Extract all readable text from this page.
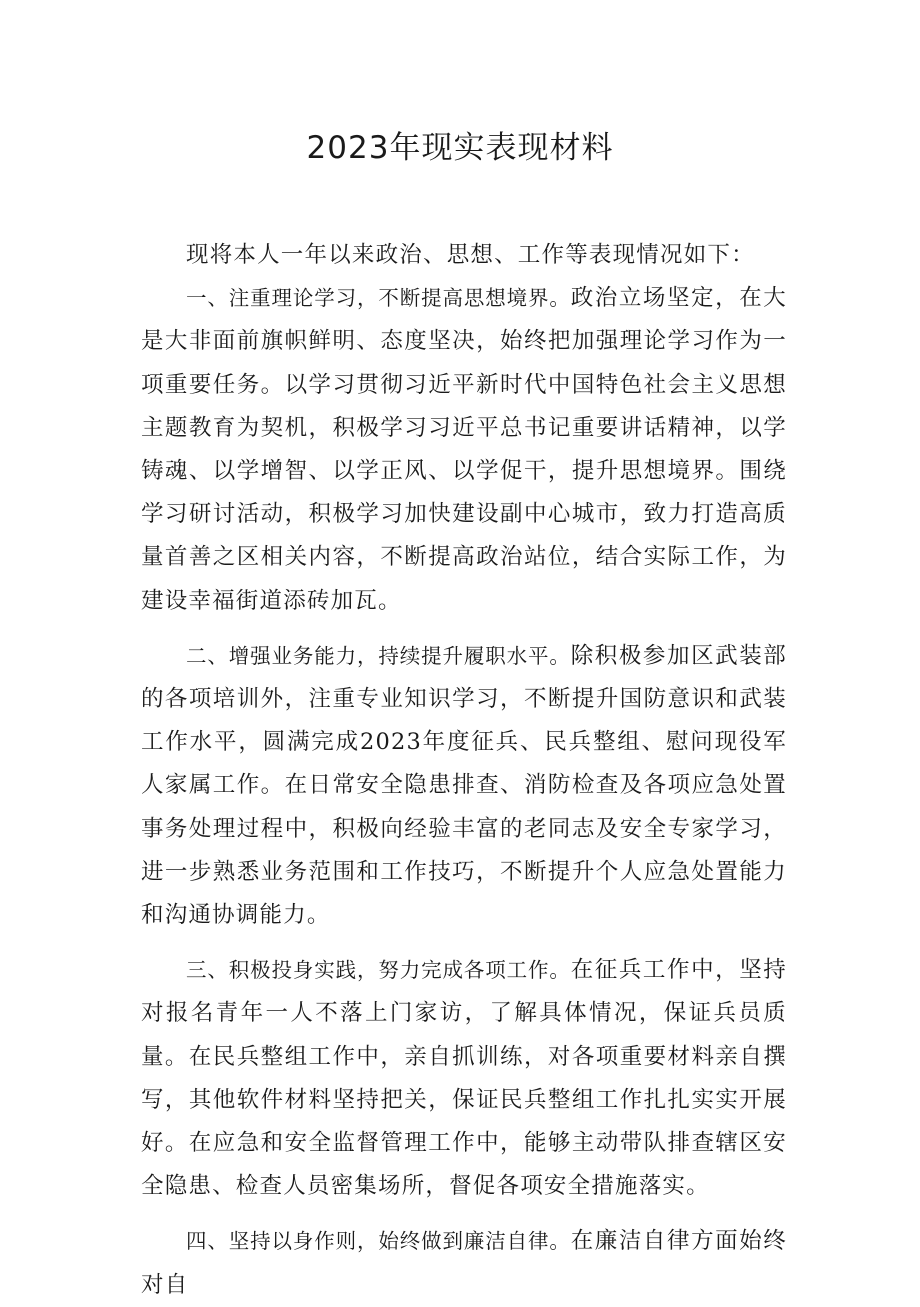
2023年现实表现材料

现将本人一年以来政治、思想、工作等表现情况如下：

一、注重理论学习，不断提高思想境界。政治立场坚定，在大是大非面前旗帜鲜明、态度坚决，始终把加强理论学习作为一项重要任务。以学习贯彻习近平新时代中国特色社会主义思想主题教育为契机，积极学习习近平总书记重要讲话精神，以学铸魂、以学增智、以学正风、以学促干，提升思想境界。围绕学习研讨活动，积极学习加快建设副中心城市，致力打造高质量首善之区相关内容，不断提高政治站位，结合实际工作，为建设幸福街道添砖加瓦。

二、增强业务能力，持续提升履职水平。除积极参加区武装部的各项培训外，注重专业知识学习，不断提升国防意识和武装工作水平，圆满完成2023年度征兵、民兵整组、慰问现役军人家属工作。在日常安全隐患排查、消防检查及各项应急处置事务处理过程中，积极向经验丰富的老同志及安全专家学习，进一步熟悉业务范围和工作技巧，不断提升个人应急处置能力和沟通协调能力。

三、积极投身实践，努力完成各项工作。在征兵工作中，坚持对报名青年一人不落上门家访，了解具体情况，保证兵员质量。在民兵整组工作中，亲自抓训练，对各项重要材料亲自撰写，其他软件材料坚持把关，保证民兵整组工作扎扎实实开展好。在应急和安全监督管理工作中，能够主动带队排查辖区安全隐患、检查人员密集场所，督促各项安全措施落实。

四、坚持以身作则，始终做到廉洁自律。在廉洁自律方面始终对自
